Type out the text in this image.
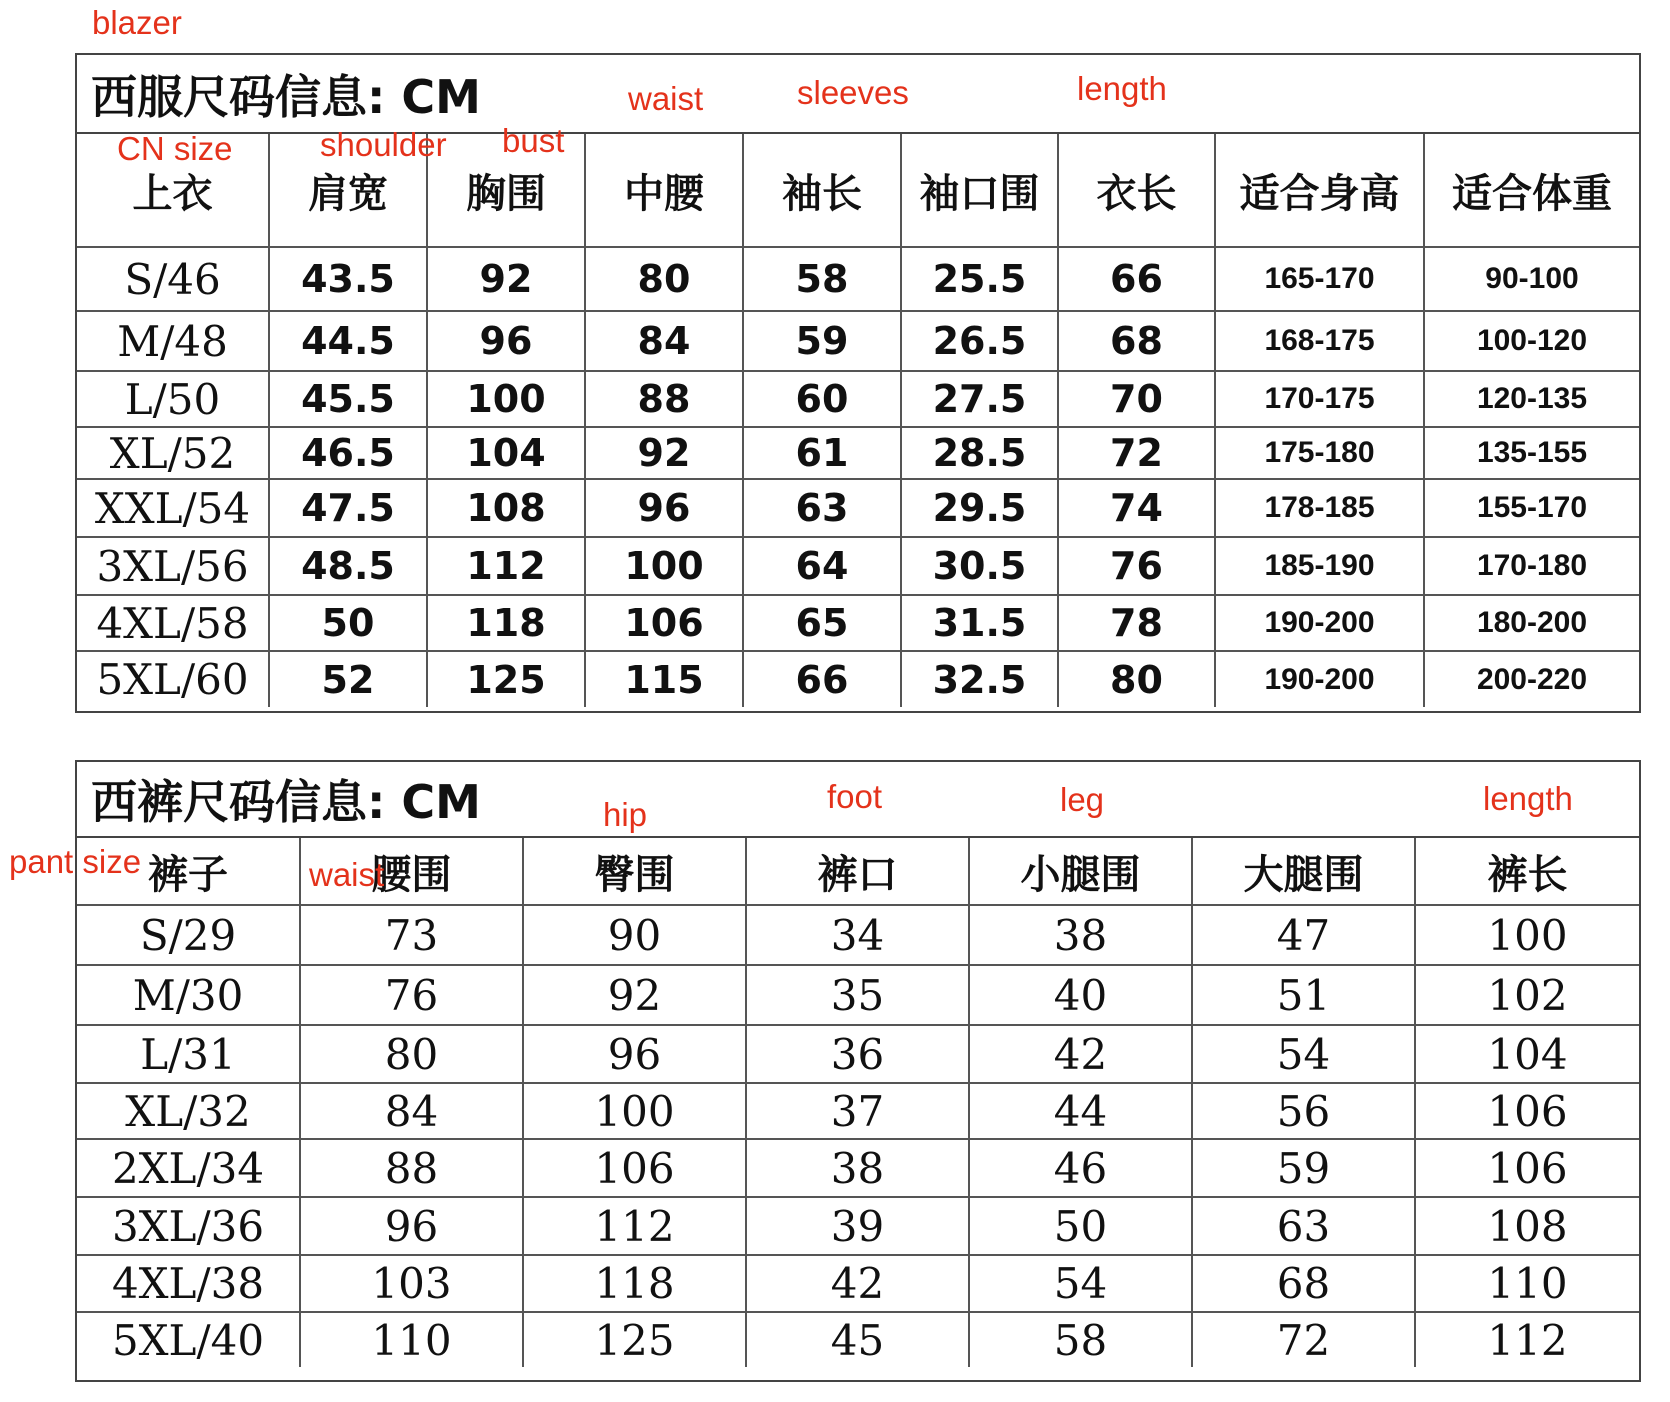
西服尺码信息: CM
上衣	肩宽	胸围	中腰	袖长	袖口围	衣长	适合身高	适合体重
S/46	43.5	92	80	58	25.5	66	165-170	90-100
M/48	44.5	96	84	59	26.5	68	168-175	100-120
L/50	45.5	100	88	60	27.5	70	170-175	120-135
XL/52	46.5	104	92	61	28.5	72	175-180	135-155
XXL/54	47.5	108	96	63	29.5	74	178-185	155-170
3XL/56	48.5	112	100	64	30.5	76	185-190	170-180
4XL/58	50	118	106	65	31.5	78	190-200	180-200
5XL/60	52	125	115	66	32.5	80	190-200	200-220
西裤尺码信息: CM
裤子	腰围	臀围	裤口	小腿围	大腿围	裤长
S/29	73	90	34	38	47	100
M/30	76	92	35	40	51	102
L/31	80	96	36	42	54	104
XL/32	84	100	37	44	56	106
2XL/34	88	106	38	46	59	106
3XL/36	96	112	39	50	63	108
4XL/38	103	118	42	54	68	110
5XL/40	110	125	45	58	72	112
blazer
waist	sleeves	length
CN size	shoulder bust
hip	foot	leg	length
pant size	waist
